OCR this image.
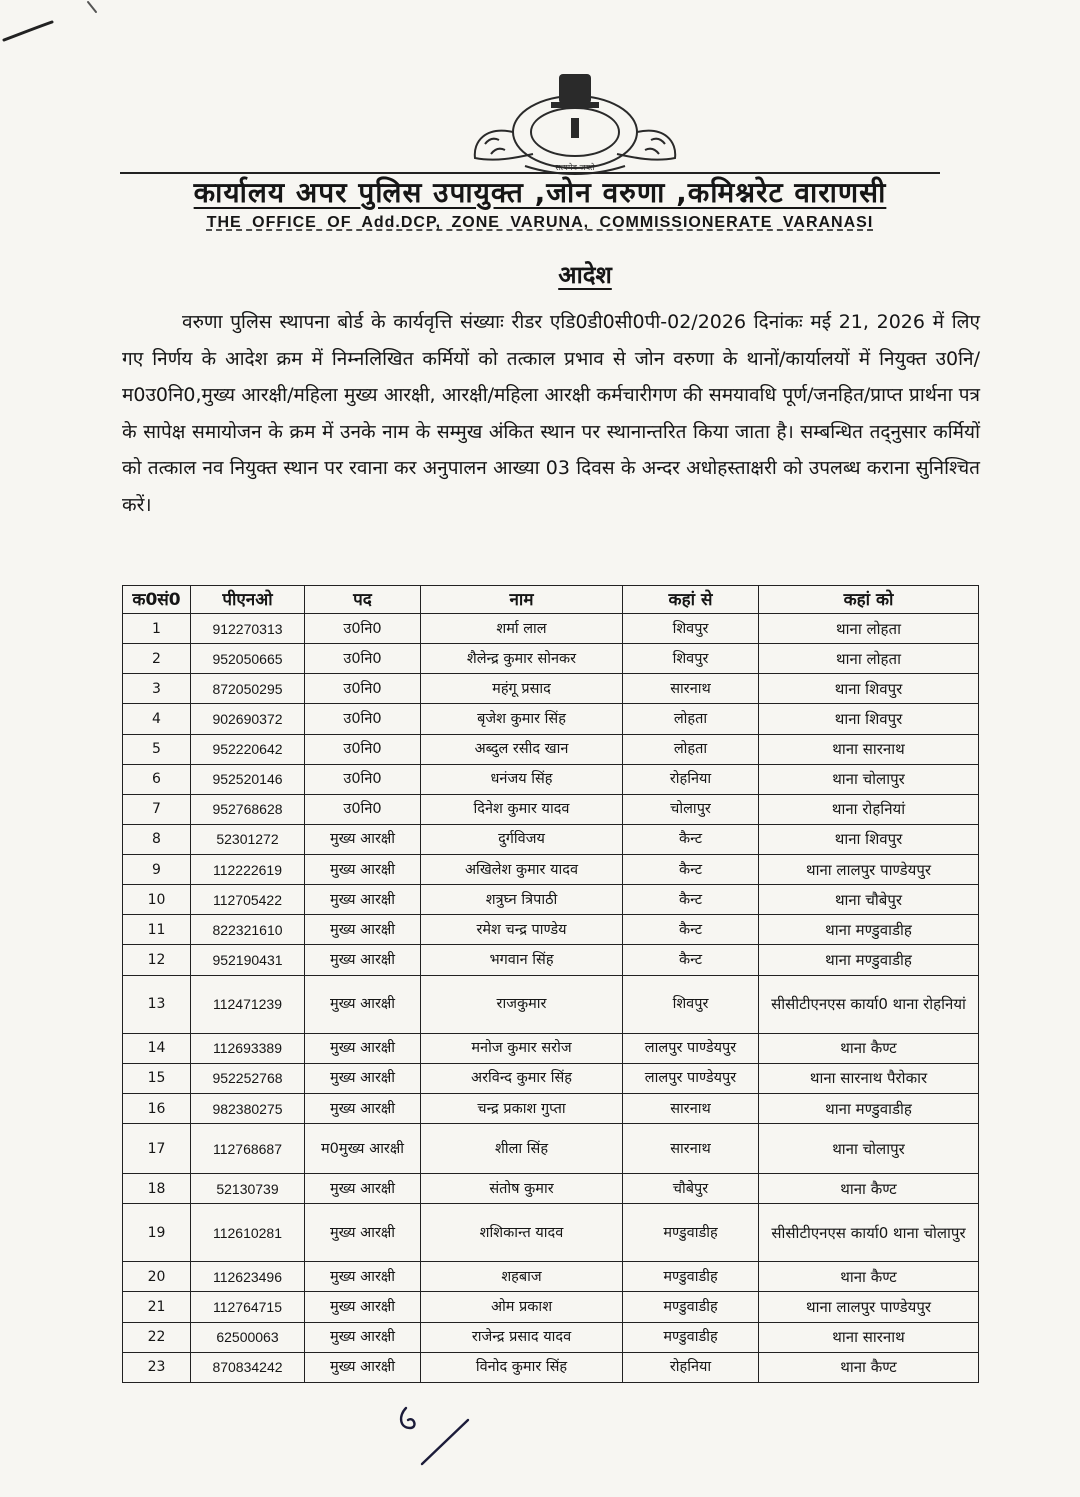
सत्यमेव जयते
कार्यालय अपर पुलिस उपायुक्त ,जोन वरुणा ,कमिश्नरेट वाराणसी
THE OFFICE OF Add.DCP, ZONE VARUNA, COMMISSIONERATE VARANASI
आदेश
वरुणा पुलिस स्थापना बोर्ड के कार्यवृत्ति संख्याः रीडर एडि0डी0सी0पी-02/2026 दिनांकः मई 21, 2026 में लिए गए निर्णय के आदेश क्रम में निम्नलिखित कर्मियों को तत्काल प्रभाव से जोन वरुणा के थानों/कार्यालयों में नियुक्त उ0नि/म0उ0नि0,मुख्य आरक्षी/महिला मुख्य आरक्षी, आरक्षी/महिला आरक्षी कर्मचारीगण की समयावधि पूर्ण/जनहित/प्राप्त प्रार्थना पत्र के सापेक्ष समायोजन के क्रम में उनके नाम के सम्मुख अंकित स्थान पर स्थानान्तरित किया जाता है। सम्बन्धित तद्नुसार कर्मियों को तत्काल नव नियुक्त स्थान पर रवाना कर अनुपालन आख्या 03 दिवस के अन्दर अधोहस्ताक्षरी को उपलब्ध कराना सुनिश्चित करें।
क0सं0	पीएनओ	पद	नाम	कहां से	कहां को
1	912270313	उ0नि0	शर्मा लाल	शिवपुर	थाना लोहता
2	952050665	उ0नि0	शैलेन्द्र कुमार सोनकर	शिवपुर	थाना लोहता
3	872050295	उ0नि0	महंगू प्रसाद	सारनाथ	थाना शिवपुर
4	902690372	उ0नि0	बृजेश कुमार सिंह	लोहता	थाना शिवपुर
5	952220642	उ0नि0	अब्दुल रसीद खान	लोहता	थाना सारनाथ
6	952520146	उ0नि0	धनंजय सिंह	रोहनिया	थाना चोलापुर
7	952768628	उ0नि0	दिनेश कुमार यादव	चोलापुर	थाना रोहनियां
8	52301272	मुख्य आरक्षी	दुर्गविजय	कैन्ट	थाना शिवपुर
9	112222619	मुख्य आरक्षी	अखिलेश कुमार यादव	कैन्ट	थाना लालपुर पाण्डेयपुर
10	112705422	मुख्य आरक्षी	शत्रुघ्न त्रिपाठी	कैन्ट	थाना चौबेपुर
11	822321610	मुख्य आरक्षी	रमेश चन्द्र पाण्डेय	कैन्ट	थाना मण्डुवाडीह
12	952190431	मुख्य आरक्षी	भगवान सिंह	कैन्ट	थाना मण्डुवाडीह
13	112471239	मुख्य आरक्षी	राजकुमार	शिवपुर	सीसीटीएनएस कार्या0 थाना रोहनियां
14	112693389	मुख्य आरक्षी	मनोज कुमार सरोज	लालपुर पाण्डेयपुर	थाना कैण्ट
15	952252768	मुख्य आरक्षी	अरविन्द कुमार सिंह	लालपुर पाण्डेयपुर	थाना सारनाथ पैरोकार
16	982380275	मुख्य आरक्षी	चन्द्र प्रकाश गुप्ता	सारनाथ	थाना मण्डुवाडीह
17	112768687	म0मुख्य आरक्षी	शीला सिंह	सारनाथ	थाना चोलापुर
18	52130739	मुख्य आरक्षी	संतोष कुमार	चौबेपुर	थाना कैण्ट
19	112610281	मुख्य आरक्षी	शशिकान्त यादव	मण्डुवाडीह	सीसीटीएनएस कार्या0 थाना चोलापुर
20	112623496	मुख्य आरक्षी	शहबाज	मण्डुवाडीह	थाना कैण्ट
21	112764715	मुख्य आरक्षी	ओम प्रकाश	मण्डुवाडीह	थाना लालपुर पाण्डेयपुर
22	62500063	मुख्य आरक्षी	राजेन्द्र प्रसाद यादव	मण्डुवाडीह	थाना सारनाथ
23	870834242	मुख्य आरक्षी	विनोद कुमार सिंह	रोहनिया	थाना कैण्ट
